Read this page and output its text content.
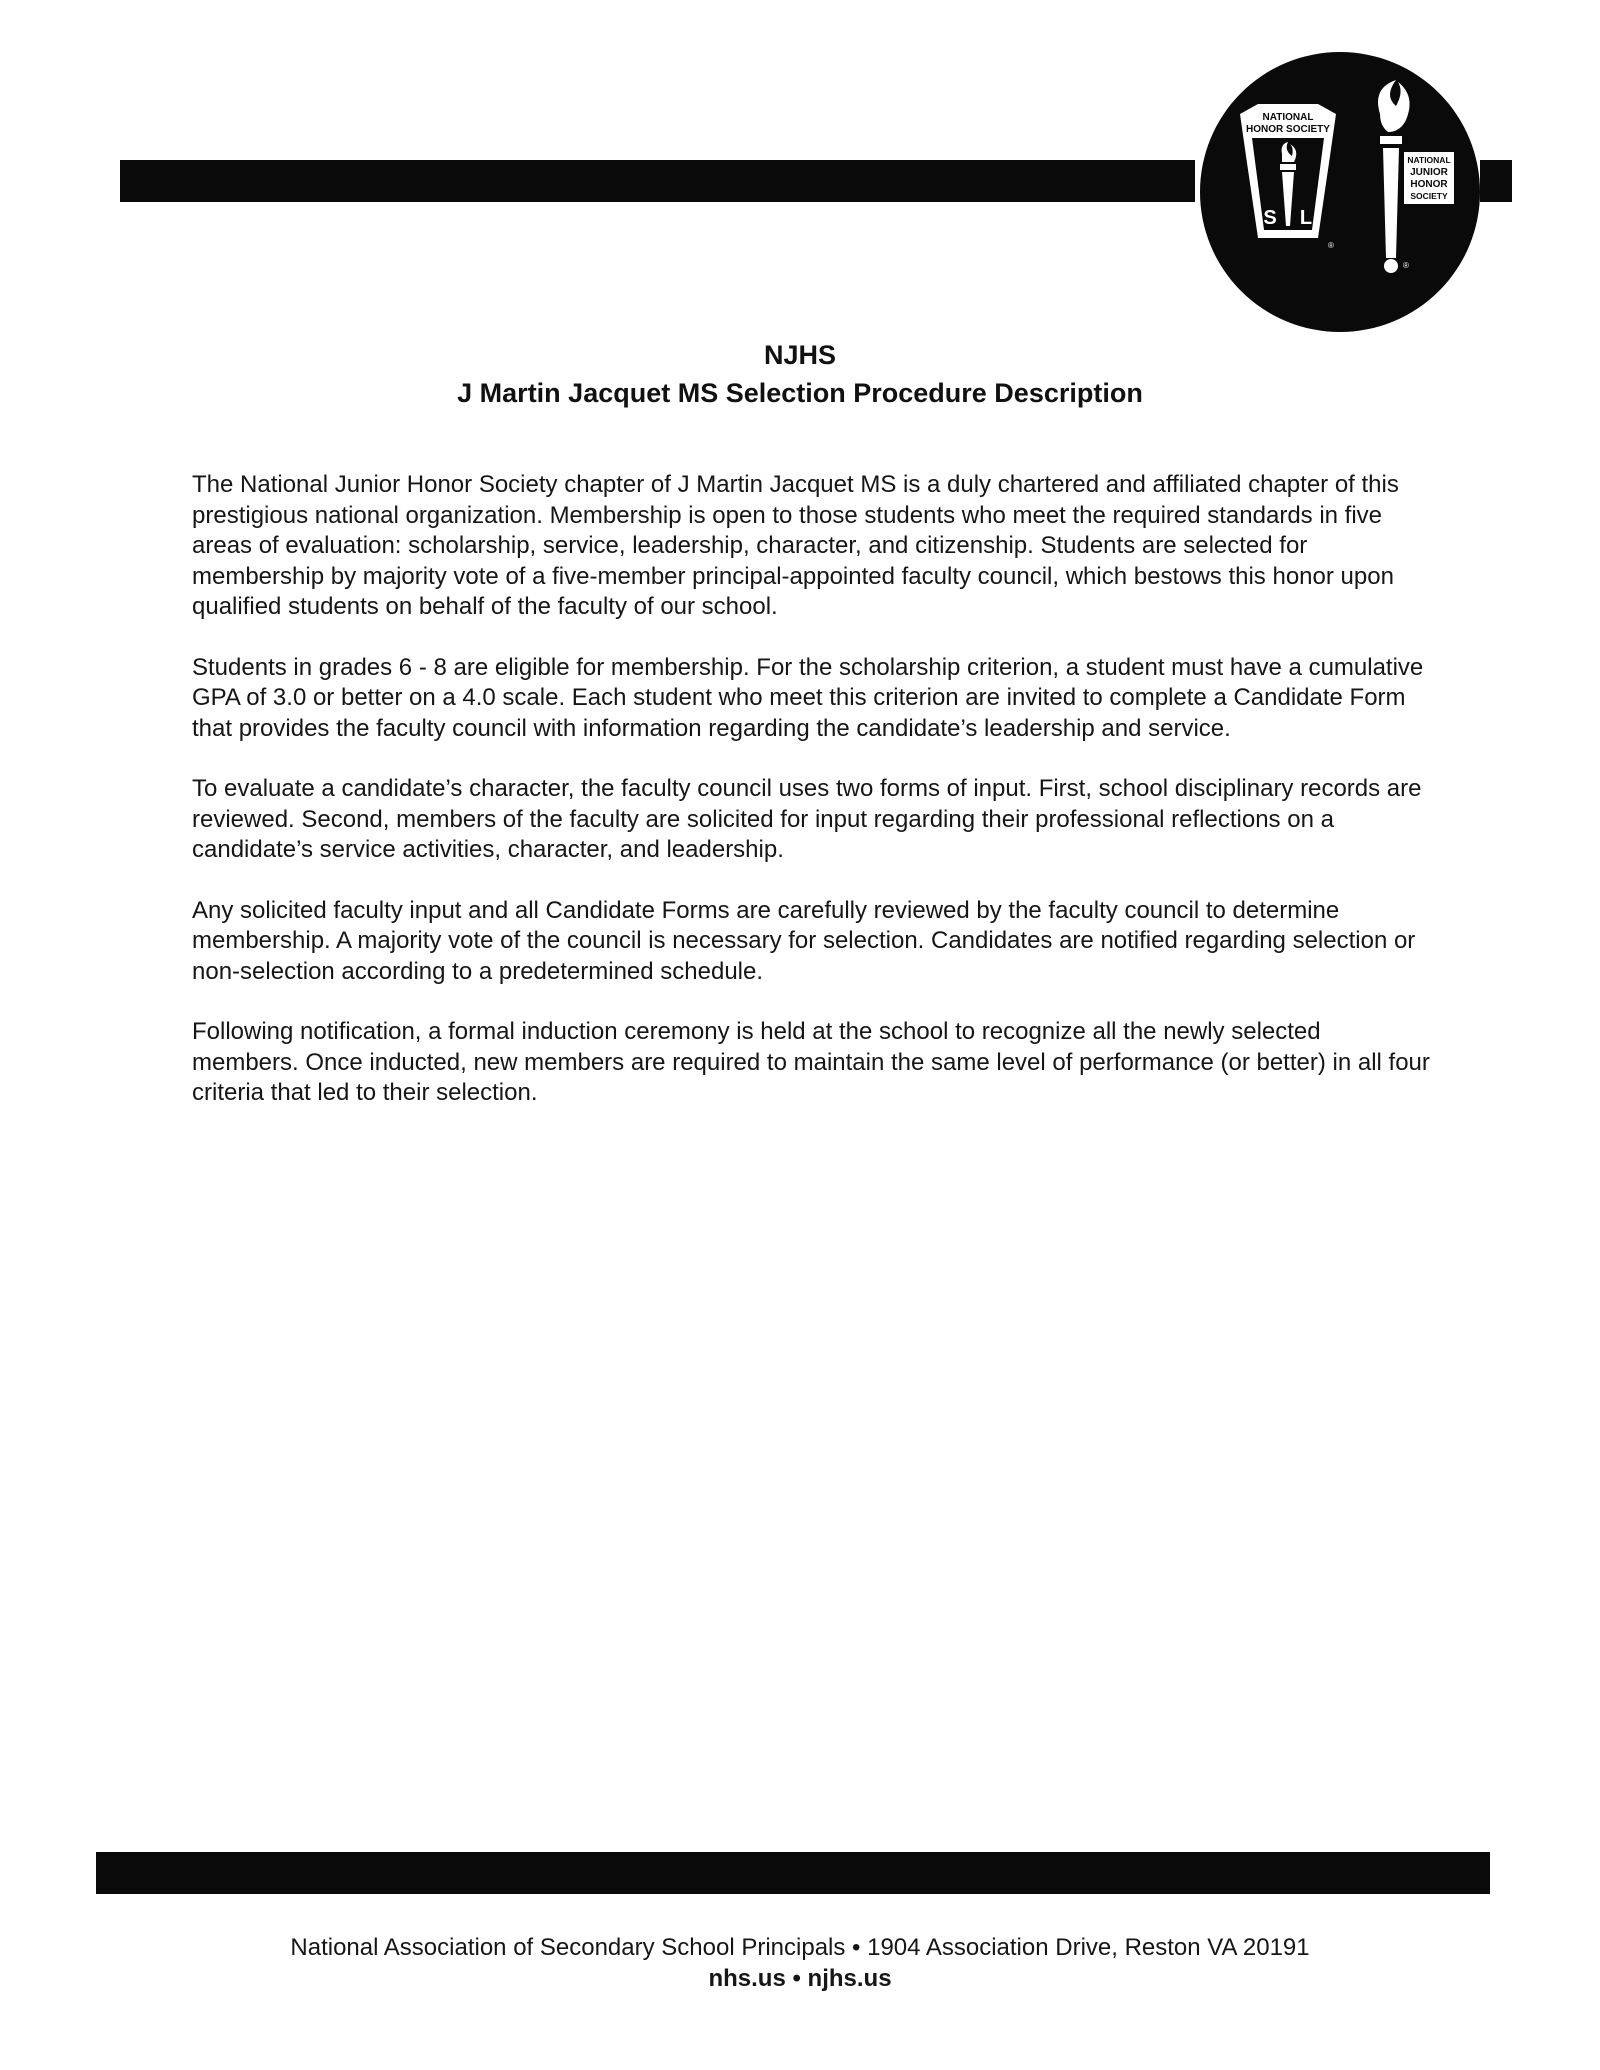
NATIONAL
HONOR SOCIETY
S L
®
NATIONAL
JUNIOR
HONOR
SOCIETY
®
NJHS
J Martin Jacquet MS Selection Procedure Description

The National Junior Honor Society chapter of J Martin Jacquet MS is a duly chartered and affiliated chapter of this prestigious national organization. Membership is open to those students who meet the required standards in five areas of evaluation: scholarship, service, leadership, character, and citizenship. Students are selected for membership by majority vote of a five-member principal-appointed faculty council, which bestows this honor upon qualified students on behalf of the faculty of our school.

Students in grades 6 - 8 are eligible for membership. For the scholarship criterion, a student must have a cumulative GPA of 3.0 or better on a 4.0 scale. Each student who meet this criterion are invited to complete a Candidate Form that provides the faculty council with information regarding the candidate’s leadership and service.

To evaluate a candidate’s character, the faculty council uses two forms of input. First, school disciplinary records are reviewed. Second, members of the faculty are solicited for input regarding their professional reflections on a candidate’s service activities, character, and leadership.

Any solicited faculty input and all Candidate Forms are carefully reviewed by the faculty council to determine membership. A majority vote of the council is necessary for selection. Candidates are notified regarding selection or non-selection according to a predetermined schedule.

Following notification, a formal induction ceremony is held at the school to recognize all the newly selected members. Once inducted, new members are required to maintain the same level of performance (or better) in all four criteria that led to their selection.

National Association of Secondary School Principals • 1904 Association Drive, Reston VA 20191
nhs.us • njhs.us
